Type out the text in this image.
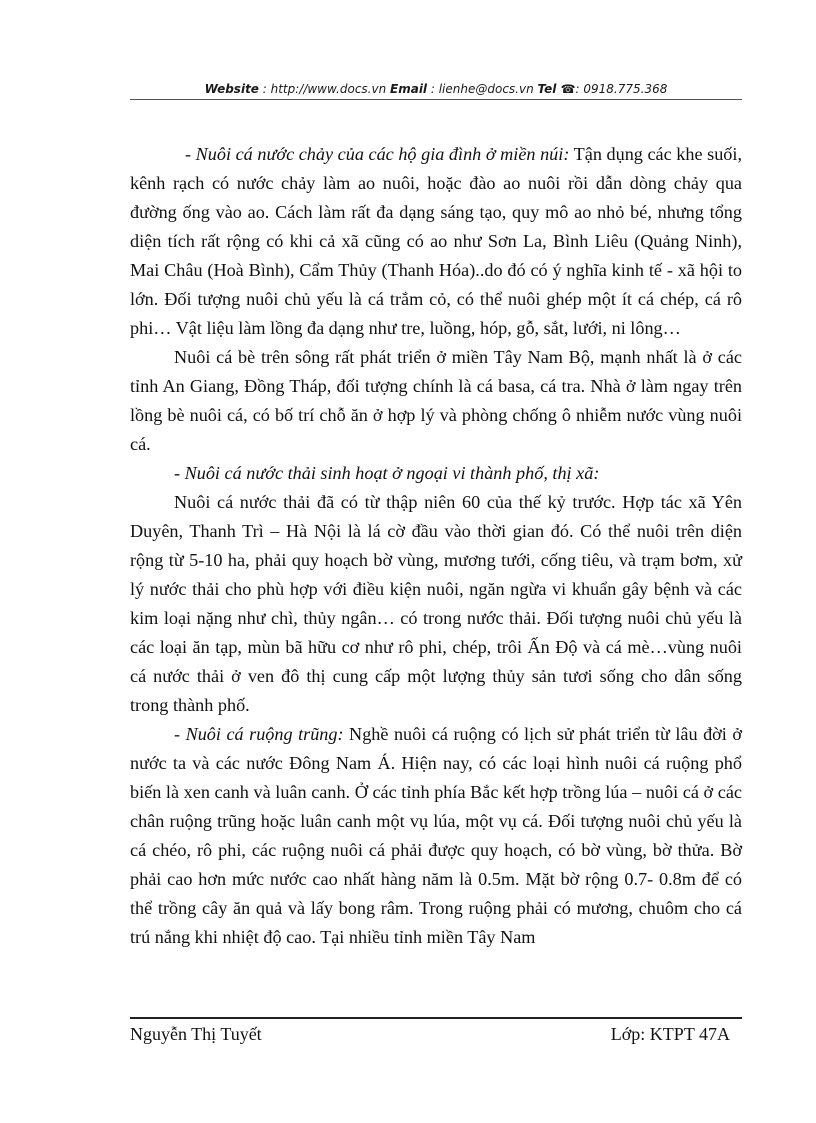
Website : http://www.docs.vn Email : lienhe@docs.vn Tel ☎: 0918.775.368

- Nuôi cá nước chảy của các hộ gia đình ở miền núi: Tận dụng các khe suối, kênh rạch có nước chảy làm ao nuôi, hoặc đào ao nuôi rồi dẫn dòng chảy qua đường ống vào ao. Cách làm rất đa dạng sáng tạo, quy mô ao nhỏ bé, nhưng tổng diện tích rất rộng có khi cả xã cũng có ao như Sơn La, Bình Liêu (Quảng Ninh), Mai Châu (Hoà Bình), Cẩm Thủy (Thanh Hóa)..do đó có ý nghĩa kinh tế - xã hội to lớn. Đối tượng nuôi chủ yếu là cá trắm cỏ, có thể nuôi ghép một ít cá chép, cá rô phi… Vật liệu làm lồng đa dạng như tre, luồng, hóp, gỗ, sắt, lưới, ni lông…

Nuôi cá bè trên sông rất phát triển ở miền Tây Nam Bộ, mạnh nhất là ở các tỉnh An Giang, Đồng Tháp, đối tượng chính là cá basa, cá tra. Nhà ở làm ngay trên lồng bè nuôi cá, có bố trí chỗ ăn ở hợp lý và phòng chống ô nhiễm nước vùng nuôi cá.

- Nuôi cá nước thải sinh hoạt ở ngoại vi thành phố, thị xã:

Nuôi cá nước thải đã có từ thập niên 60 của thế kỷ trước. Hợp tác xã Yên Duyên, Thanh Trì – Hà Nội là lá cờ đầu vào thời gian đó. Có thể nuôi trên diện rộng từ 5-10 ha, phải quy hoạch bờ vùng, mương tưới, cống tiêu, và trạm bơm, xử lý nước thải cho phù hợp với điều kiện nuôi, ngăn ngừa vi khuẩn gây bệnh và các kim loại nặng như chì, thủy ngân… có trong nước thải. Đối tượng nuôi chủ yếu là các loại ăn tạp, mùn bã hữu cơ như rô phi, chép, trôi Ấn Độ và cá mè…vùng nuôi cá nước thải ở ven đô thị cung cấp một lượng thủy sản tươi sống cho dân sống trong thành phố.

- Nuôi cá ruộng trũng: Nghề nuôi cá ruộng có lịch sử phát triển từ lâu đời ở nước ta và các nước Đông Nam Á. Hiện nay, có các loại hình nuôi cá ruộng phổ biến là xen canh và luân canh. Ở các tỉnh phía Bắc kết hợp trồng lúa – nuôi cá ở các chân ruộng trũng hoặc luân canh một vụ lúa, một vụ cá. Đối tượng nuôi chủ yếu là cá chéo, rô phi, các ruộng nuôi cá phải được quy hoạch, có bờ vùng, bờ thửa. Bờ phải cao hơn mức nước cao nhất hàng năm là 0.5m. Mặt bờ rộng 0.7- 0.8m để có thể trồng cây ăn quả và lấy bong râm. Trong ruộng phải có mương, chuôm cho cá trú nắng khi nhiệt độ cao. Tại nhiều tỉnh miền Tây Nam

Nguyễn Thị Tuyết	Lớp: KTPT 47A
